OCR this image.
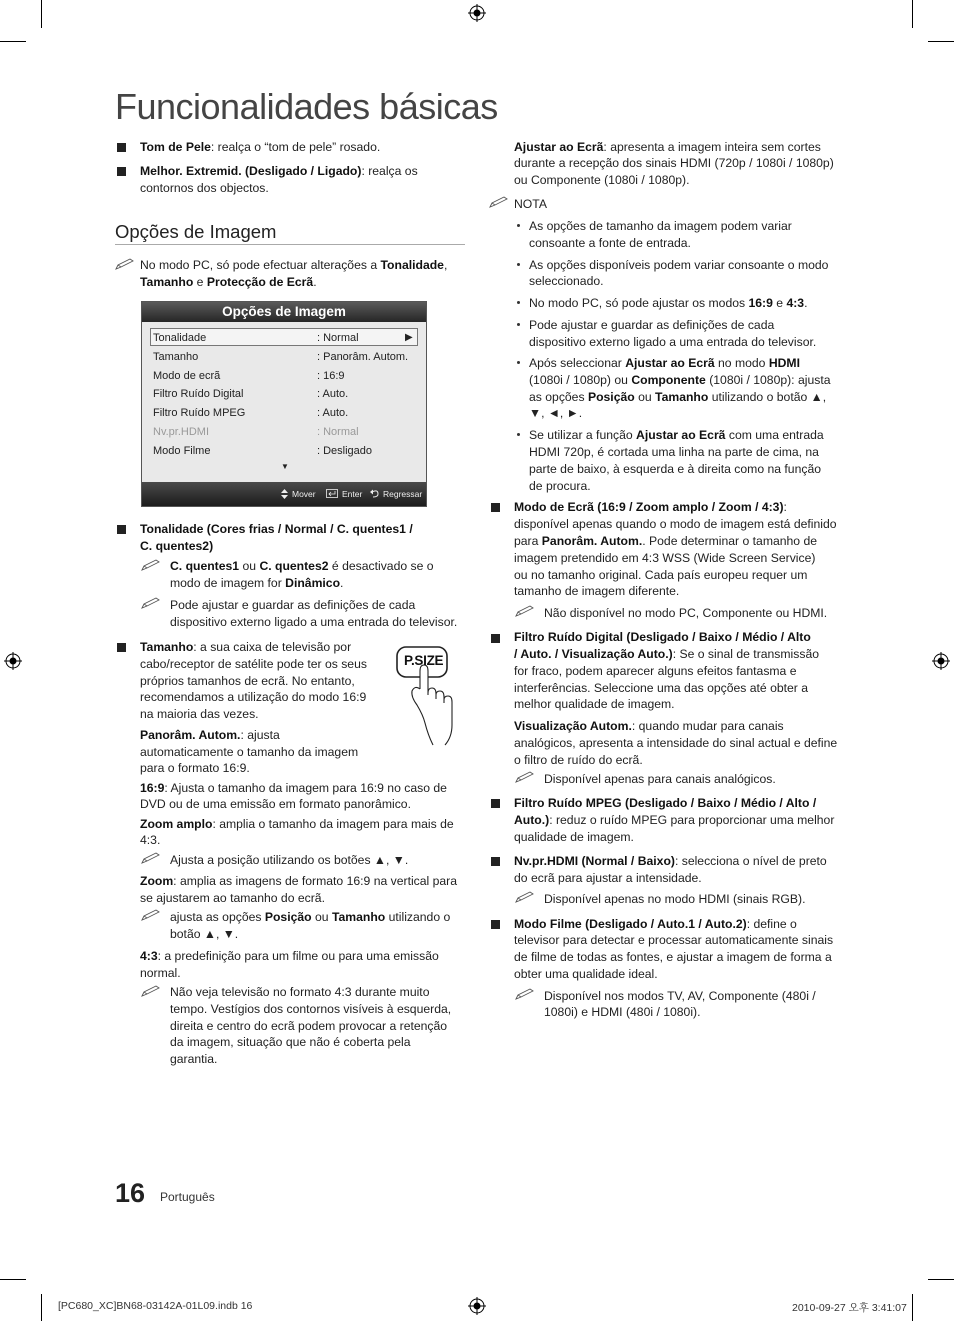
Funcionalidades básicas
Tom de Pele: realça o “tom de pele” rosado.
Melhor. Extremid. (Desligado / Ligado): realça os
contornos dos objectos.
Opções de Imagem
No modo PC, só pode efectuar alterações a Tonalidade,
Tamanho e Protecção de Ecrã.
Opções de Imagem
Tonalidade	: Normal	▶
Tamanho	: Panorâm. Autom.
Modo de ecrã	: 16:9
Filtro Ruído Digital	: Auto.
Filtro Ruído MPEG	: Auto.
Nv.pr.HDMI	: Normal
Modo Filme	: Desligado
▼
Mover	Enter Regressar
Tonalidade (Cores frias / Normal / C. quentes1 /
C. quentes2)
C. quentes1 ou C. quentes2 é desactivado se o
modo de imagem for Dinâmico.
Pode ajustar e guardar as definições de cada
dispositivo externo ligado a uma entrada do televisor.
Tamanho: a sua caixa de televisão por
cabo/receptor de satélite pode ter os seus
próprios tamanhos de ecrã. No entanto,
recomendamos a utilização do modo 16:9
na maioria das vezes.
P.SIZE
Panorâm. Autom.: ajusta
automaticamente o tamanho da imagem
para o formato 16:9.
16:9: Ajusta o tamanho da imagem para 16:9 no caso de
DVD ou de uma emissão em formato panorâmico.
Zoom amplo: amplia o tamanho da imagem para mais de
4:3.
Ajusta a posição utilizando os botões ▲, ▼.
Zoom: amplia as imagens de formato 16:9 na vertical para
se ajustarem ao tamanho do ecrã.
ajusta as opções Posição ou Tamanho utilizando o
botão ▲, ▼.
4:3: a predefinição para um filme ou para uma emissão
normal.
Não veja televisão no formato 4:3 durante muito
tempo. Vestígios dos contornos visíveis à esquerda,
direita e centro do ecrã podem provocar a retenção
da imagem, situação que não é coberta pela
garantia.
Ajustar ao Ecrã: apresenta a imagem inteira sem cortes
durante a recepção dos sinais HDMI (720p / 1080i / 1080p)
ou Componente (1080i / 1080p).
NOTA
As opções de tamanho da imagem podem variar
consoante a fonte de entrada.
As opções disponíveis podem variar consoante o modo
seleccionado.
No modo PC, só pode ajustar os modos 16:9 e 4:3.
Pode ajustar e guardar as definições de cada
dispositivo externo ligado a uma entrada do televisor.
Após seleccionar Ajustar ao Ecrã no modo HDMI
(1080i / 1080p) ou Componente (1080i / 1080p): ajusta
as opções Posição ou Tamanho utilizando o botão ▲,
▼, ◄, ►.
Se utilizar a função Ajustar ao Ecrã com uma entrada
HDMI 720p, é cortada uma linha na parte de cima, na
parte de baixo, à esquerda e à direita como na função
de procura.
Modo de Ecrã (16:9 / Zoom amplo / Zoom / 4:3):
disponível apenas quando o modo de imagem está definido
para Panorâm. Autom.. Pode determinar o tamanho de
imagem pretendido em 4:3 WSS (Wide Screen Service)
ou no tamanho original. Cada país europeu requer um
tamanho de imagem diferente.
Não disponível no modo PC, Componente ou HDMI.
Filtro Ruído Digital (Desligado / Baixo / Médio / Alto
/ Auto. / Visualização Auto.): Se o sinal de transmissão
for fraco, podem aparecer alguns efeitos fantasma e
interferências. Seleccione uma das opções até obter a
melhor qualidade de imagem.
Visualização Autom.: quando mudar para canais
analógicos, apresenta a intensidade do sinal actual e define
o filtro de ruído do ecrã.
Disponível apenas para canais analógicos.
Filtro Ruído MPEG (Desligado / Baixo / Médio / Alto /
Auto.): reduz o ruído MPEG para proporcionar uma melhor
qualidade de imagem.
Nv.pr.HDMI (Normal / Baixo): selecciona o nível de preto
do ecrã para ajustar a intensidade.
Disponível apenas no modo HDMI (sinais RGB).
Modo Filme (Desligado / Auto.1 / Auto.2): define o
televisor para detectar e processar automaticamente sinais
de filme de todas as fontes, e ajustar a imagem de forma a
obter uma qualidade ideal.
Disponível nos modos TV, AV, Componente (480i /
1080i) e HDMI (480i / 1080i).
16 Português
[PC680_XC]BN68-03142A-01L09.indb 16	2010-09-27 오후 3:41:07
